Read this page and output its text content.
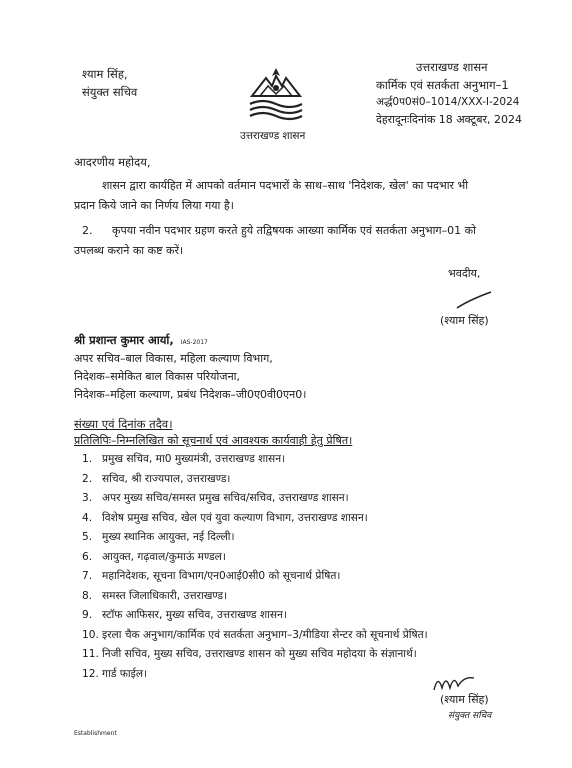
श्याम सिंह,
संयुक्त सचिव
उत्तराखण्ड शासन
उत्तराखण्ड शासन
कार्मिक एवं सतर्कता अनुभाग–1
अर्द्ध0प0सं0–1014/XXX-I-2024
देहरादूनःदिनांक 18 अक्टूबर, 2024
आदरणीय महोदय,
शासन द्वारा कार्यहित में आपको वर्तमान पदभारों के साथ–साथ 'निदेशक, खेल' का पदभार भी
प्रदान किये जाने का निर्णय लिया गया है।
2. कृपया नवीन पदभार ग्रहण करते हुये तद्विषयक आख्या कार्मिक एवं सतर्कता अनुभाग–01 को
उपलब्ध कराने का कष्ट करें।
भवदीय,
(श्याम सिंह)
श्री प्रशान्त कुमार आर्या, IAS-2017
अपर सचिव–बाल विकास, महिला कल्याण विभाग,
निदेशक–समेकित बाल विकास परियोजना,
निदेशक–महिला कल्याण, प्रबंध निदेशक–जी0ए0वी0एन0।
संख्या एवं दिनांक तदैव।
प्रतिलिपिः–निम्नलिखित को सूचनार्थ एवं आवश्यक कार्यवाही हेतु प्रेषित।
1. प्रमुख सचिव, मा0 मुख्यमंत्री, उत्तराखण्ड शासन।
2. सचिव, श्री राज्यपाल, उत्तराखण्ड।
3. अपर मुख्य सचिव/समस्त प्रमुख सचिव/सचिव, उत्तराखण्ड शासन।
4. विशेष प्रमुख सचिव, खेल एवं युवा कल्याण विभाग, उत्तराखण्ड शासन।
5. मुख्य स्थानिक आयुक्त, नई दिल्ली।
6. आयुक्त, गढ़वाल/कुमाऊं मण्डल।
7. महानिदेशक, सूचना विभाग/एन0आई0सी0 को सूचनार्थ प्रेषित।
8. समस्त जिलाधिकारी, उत्तराखण्ड।
9. स्टॉफ आफिसर, मुख्य सचिव, उत्तराखण्ड शासन।
10. इरला चैक अनुभाग/कार्मिक एवं सतर्कता अनुभाग–3/मीडिया सेन्टर को सूचनार्थ प्रेषित।
11. निजी सचिव, मुख्य सचिव, उत्तराखण्ड शासन को मुख्य सचिव महोदया के संज्ञानार्थ।
12. गार्ड फाईल।
(श्याम सिंह)
संयुक्त सचिव
Establishment
